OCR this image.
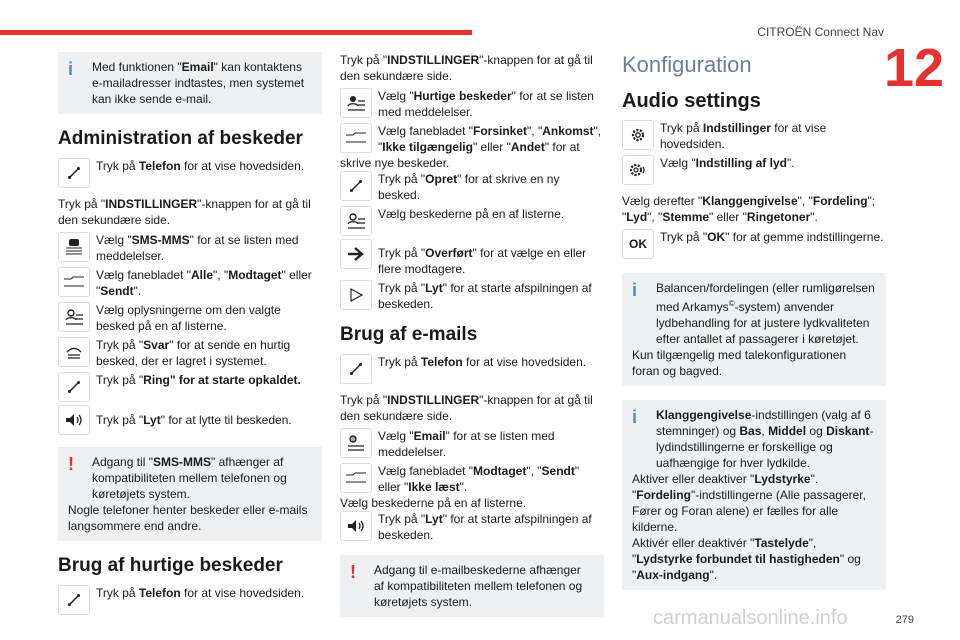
CITROËN Connect Nav
12
i	Med funktionen "Email" kan kontaktens e-mailadresser indtastes, men systemet kan ikke sende e-mail.
Administration af beskeder
Tryk på Telefon for at vise hovedsiden.

Tryk på "INDSTILLINGER"-knappen for at gå til den sekundære side.

Vælg "SMS-MMS" for at se listen med meddelelser.
Vælg fanebladet "Alle", "Modtaget" eller "Sendt".
Vælg oplysningerne om den valgte besked på en af listerne.
Tryk på "Svar" for at sende en hurtig besked, der er lagret i systemet.
Tryk på "Ring" for at starte opkaldet.
Tryk på "Lyt" for at lytte til beskeden.
!	Adgang til "SMS-MMS" afhænger af kompatibiliteten mellem telefonen og køretøjets system.
Nogle telefoner henter beskeder eller e-mails langsommere end andre.
Brug af hurtige beskeder
Tryk på Telefon for at vise hovedsiden.

Tryk på "INDSTILLINGER"-knappen for at gå til den sekundære side.

Vælg "Hurtige beskeder" for at se listen med meddelelser.
Vælg fanebladet "Forsinket", "Ankomst", "Ikke tilgængelig" eller "Andet" for at

skrive nye beskeder.

Tryk på "Opret" for at skrive en ny besked.
Vælg beskederne på en af listerne.
Tryk på "Overført" for at vælge en eller flere modtagere.
Tryk på "Lyt" for at starte afspilningen af beskeden.
Brug af e-mails
Tryk på Telefon for at vise hovedsiden.

Tryk på "INDSTILLINGER"-knappen for at gå til den sekundære side.

@ Vælg "Email" for at se listen med meddelelser.
Vælg fanebladet "Modtaget", "Sendt" eller "Ikke læst".

Vælg beskederne på en af listerne.

Tryk på "Lyt" for at starte afspilningen af beskeden.
!	Adgang til e-mailbeskederne afhænger af kompatibiliteten mellem telefonen og køretøjets system.
Konfiguration
Audio settings
Tryk på Indstillinger for at vise hovedsiden.
Vælg "Indstilling af lyd".

Vælg derefter "Klanggengivelse", "Fordeling"; "Lyd", "Stemme" eller "Ringetoner".

OK	Tryk på "OK" for at gemme indstillingerne.
i	Balancen/fordelingen (eller rumligørelsen med Arkamys©-system) anvender lydbehandling for at justere lydkvaliteten efter antallet af passagerer i køretøjet.
Kun tilgængelig med talekonfigurationen foran og bagved.
i	Klanggengivelse-indstillingen (valg af 6 stemninger) og Bas, Middel og Diskant-lydindstillingerne er forskellige og uafhængige for hver lydkilde.
Aktiver eller deaktiver "Lydstyrke".
"Fordeling"-indstillingerne (Alle passagerer, Fører og Foran alene) er fælles for alle kilderne.
Aktivér eller deaktivér "Tastelyde", "Lydstyrke forbundet til hastigheden" og "Aux-indgang".
carmanualsonline.info	279
